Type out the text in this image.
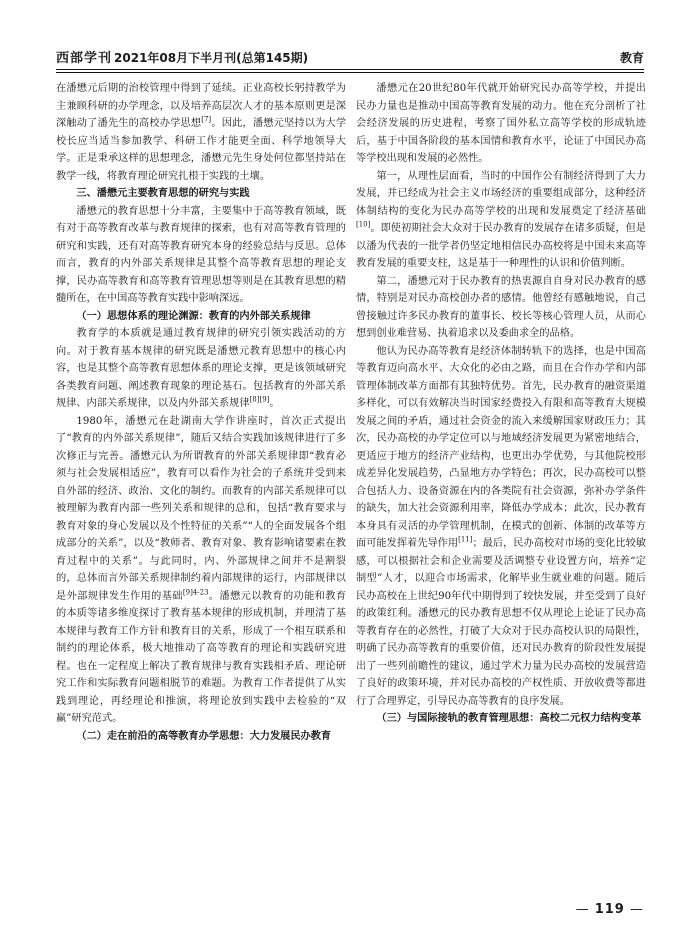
西部学刊 2021年08月下半月刊(总第145期)	教育

在潘懋元后期的治校管理中得到了延续。正业高校长躬持教学为主兼顾科研的办学理念，以及培养高层次人才的基本原则更是深深触动了潘先生的高校办学思想[7]。因此，潘懋元坚持以为大学校长应当适当参加教学、科研工作才能更全面、科学地领导大学。正是秉承这样的思想理念，潘懋元先生身处何位都坚持站在教学一线，将教育理论研究扎根于实践的土壤。

三、潘懋元主要教育思想的研究与实践

潘懋元的教育思想十分丰富，主要集中于高等教育领域，既有对于高等教育改革与教育规律的探索，也有对高等教育管理的研究和实践，还有对高等教育研究本身的经验总结与反思。总体而言，教育的内外部关系规律是其整个高等教育思想的理论支撑，民办高等教育和高等教育管理思想等则是在其教育思想的精髓所在，在中国高等教育实践中影响深远。

（一）思想体系的理论渊源：教育的内外部关系规律

教育学的本质就是通过教育规律的研究引领实践活动的方向。对于教育基本规律的研究既是潘懋元教育思想中的核心内容，也是其整个高等教育思想体系的理论支撑，更是该领域研究各类教育问题、阐述教育现象的理论基石。包括教育的外部关系规律、内部关系规律，以及内外部关系规律[8][9]。

1980年，潘懋元在赴湖南大学作讲座时，首次正式提出了“教育的内外部关系规律”，随后又结合实践加该规律进行了多次修正与完善。潘懋元认为所谓教育的外部关系规律即“教育必须与社会发展相适应”，教育可以看作为社会的子系统并受到来自外部的经济、政治、文化的制约。而教育的内部关系规律可以被理解为教育内部一些列关系和规律的总和，包括“教育要求与教育对象的身心发展以及个性特征的关系”“人的全面发展各个组成部分的关系”，以及“教师者、教育对象、教育影响诸要素在教育过程中的关系”。与此同时，内、外部规律之间并不是割裂的，总体而言外部关系规律制约着内部规律的运行，内部规律以是外部规律发生作用的基础$^{[9]4-23}$。潘懋元以教育的功能和教育的本质等诸多维度探讨了教育基本规律的形成机制，并理清了基本规律与教育工作方针和教育目的关系，形成了一个相互联系和制约的理论体系，极大地推动了高等教育的理论和实践研究进程。也在一定程度上解决了教育规律与教育实践相矛盾、理论研究工作和实际教育问题相脱节的难题。为教育工作者提供了从实践到理论，再经理论和推演，将理论放到实践中去检验的“双赢”研究范式。

（二）走在前沿的高等教育办学思想：大力发展民办教育

潘懋元在20世纪80年代就开始研究民办高等学校，并提出民办力量也是推动中国高等教育发展的动力。他在充分剖析了社会经济发展的历史进程，考察了国外私立高等学校的形成轨迹后，基于中国各阶段的基本国情和教育水平，论证了中国民办高等学校出现和发展的必然性。

第一，从理性层面看，当时的中国作公有制经济得到了大力发展，并已经成为社会主义市场经济的重要组成部分，这种经济体制结构的变化为民办高等学校的出现和发展奠定了经济基础[10]。即使初期社会大众对于民办教育的发展存在诸多质疑，但是以潘为代表的一批学者仍坚定地相信民办高校将是中国未来高等教育发展的重要支柱，这是基于一种理性的认识和价值判断。

第二，潘懋元对于民办教育的热衷源自自身对民办教育的感情，特别是对民办高校创办者的感情。他曾经有感触地说，自己曾接触过许多民办教育的董事长、校长等核心管理人员，从而心想到创业难营易、执着追求以及委曲求全的品格。

他认为民办高等教育是经济体制转轨下的选择，也是中国高等教育迈向高水平、大众化的必由之路，而且在合作办学和内部管理体制改革方面都有其独特优势。首先，民办教育的融资渠道多样化，可以有效解决当时国家经费投入有限和高等教育大规模发展之间的矛盾，通过社会资金的流入来缓解国家财政压力；其次，民办高校的办学定位可以与地域经济发展更为紧密地结合，更适应于地方的经济产业结构，也更出办学优势，与其他院校形成差异化发展趋势，凸显地方办学特色；再次，民办高校可以整合包括人力、设备资源在内的各类院有社会资源，弥补办学条件的缺失，加大社会资源利用率，降低办学成本；此次，民办教育本身具有灵活的办学管理机制，在模式的创新、体制的改革等方面可能发挥着先导作用[11]；最后，民办高校对市场的变化比较敏感，可以根据社会和企业需要及活调整专业设置方向，培养“定制型”人才，以迎合市场需求，化解毕业生就业难的问题。随后民办高校在上世纪90年代中期得到了较快发展，并至受到了良好的政策红利。潘懋元的民办教育思想不仅从理论上论证了民办高等教育存在的必然性，打破了大众对于民办高校认识的局限性，明确了民办高等教育的重要价值，还对民办教育的阶段性发展提出了一些列前瞻性的建议，通过学术力量为民办高校的发展营造了良好的政策环境，并对民办高校的产权性质、开放收费等都进行了合理界定，引导民办高等教育的良序发展。

（三）与国际接轨的教育管理思想：高校二元权力结构变革

— 119 —
